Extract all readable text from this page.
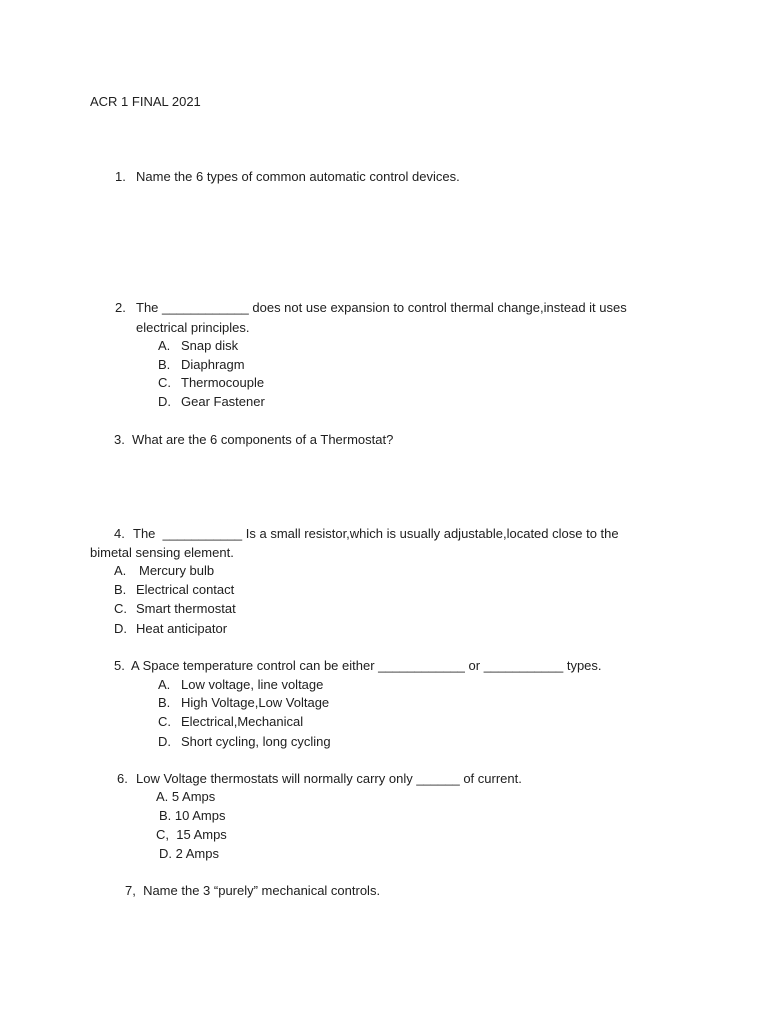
ACR 1 FINAL 2021

1. Name the 6 types of common automatic control devices.

2. The ____________ does not use expansion to control thermal change,instead it uses

electrical principles.

A. Snap disk

B. Diaphragm

C. Thermocouple

D. Gear Fastener

3. What are the 6 components of a Thermostat?

4. The  ___________ Is a small resistor,which is usually adjustable,located close to the

bimetal sensing element.

A. Mercury bulb

B. Electrical contact

C. Smart thermostat

D. Heat anticipator

5. A Space temperature control can be either ____________ or ___________ types.

A. Low voltage, line voltage

B. High Voltage,Low Voltage

C. Electrical,Mechanical

D. Short cycling, long cycling

6. Low Voltage thermostats will normally carry only ______ of current.

A. 5 Amps

B. 10 Amps

C,  15 Amps

D. 2 Amps

7,  Name the 3 “purely” mechanical controls.
